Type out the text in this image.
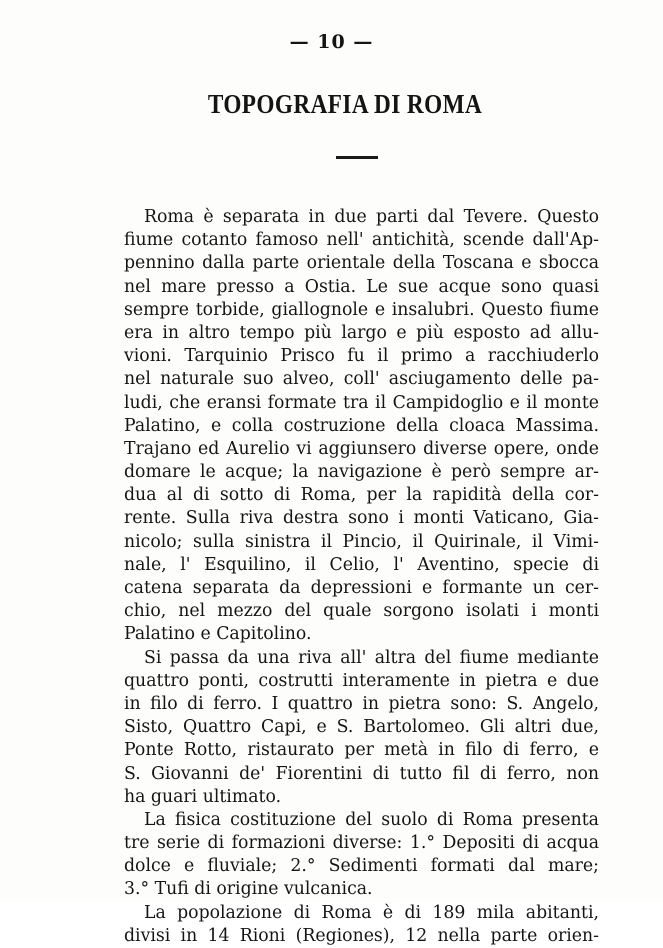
— 10 —
TOPOGRAFIA DI ROMA
Roma è separata in due parti dal Tevere. Questo
fiume cotanto famoso nell' antichità, scende dall'Ap-
pennino dalla parte orientale della Toscana e sbocca
nel mare presso a Ostia. Le sue acque sono quasi
sempre torbide, giallognole e insalubri. Questo fiume
era in altro tempo più largo e più esposto ad allu-
vioni. Tarquinio Prisco fu il primo a racchiuderlo
nel naturale suo alveo, coll' asciugamento delle pa-
ludi, che eransi formate tra il Campidoglio e il monte
Palatino, e colla costruzione della cloaca Massima.
Trajano ed Aurelio vi aggiunsero diverse opere, onde
domare le acque; la navigazione è però sempre ar-
dua al di sotto di Roma, per la rapidità della cor-
rente. Sulla riva destra sono i monti Vaticano, Gia-
nicolo; sulla sinistra il Pincio, il Quirinale, il Vimi-
nale, l' Esquilino, il Celio, l' Aventino, specie di
catena separata da depressioni e formante un cer-
chio, nel mezzo del quale sorgono isolati i monti
Palatino e Capitolino.
Si passa da una riva all' altra del fiume mediante
quattro ponti, costrutti interamente in pietra e due
in filo di ferro. I quattro in pietra sono: S. Angelo,
Sisto, Quattro Capi, e S. Bartolomeo. Gli altri due,
Ponte Rotto, ristaurato per metà in filo di ferro, e
S. Giovanni de' Fiorentini di tutto fil di ferro, non
ha guari ultimato.
La fisica costituzione del suolo di Roma presenta
tre serie di formazioni diverse: 1.° Depositi di acqua
dolce e fluviale; 2.° Sedimenti formati dal mare;
3.° Tufi di origine vulcanica.
La popolazione di Roma è di 189 mila abitanti,
divisi in 14 Rioni (Regiones), 12 nella parte orien-
